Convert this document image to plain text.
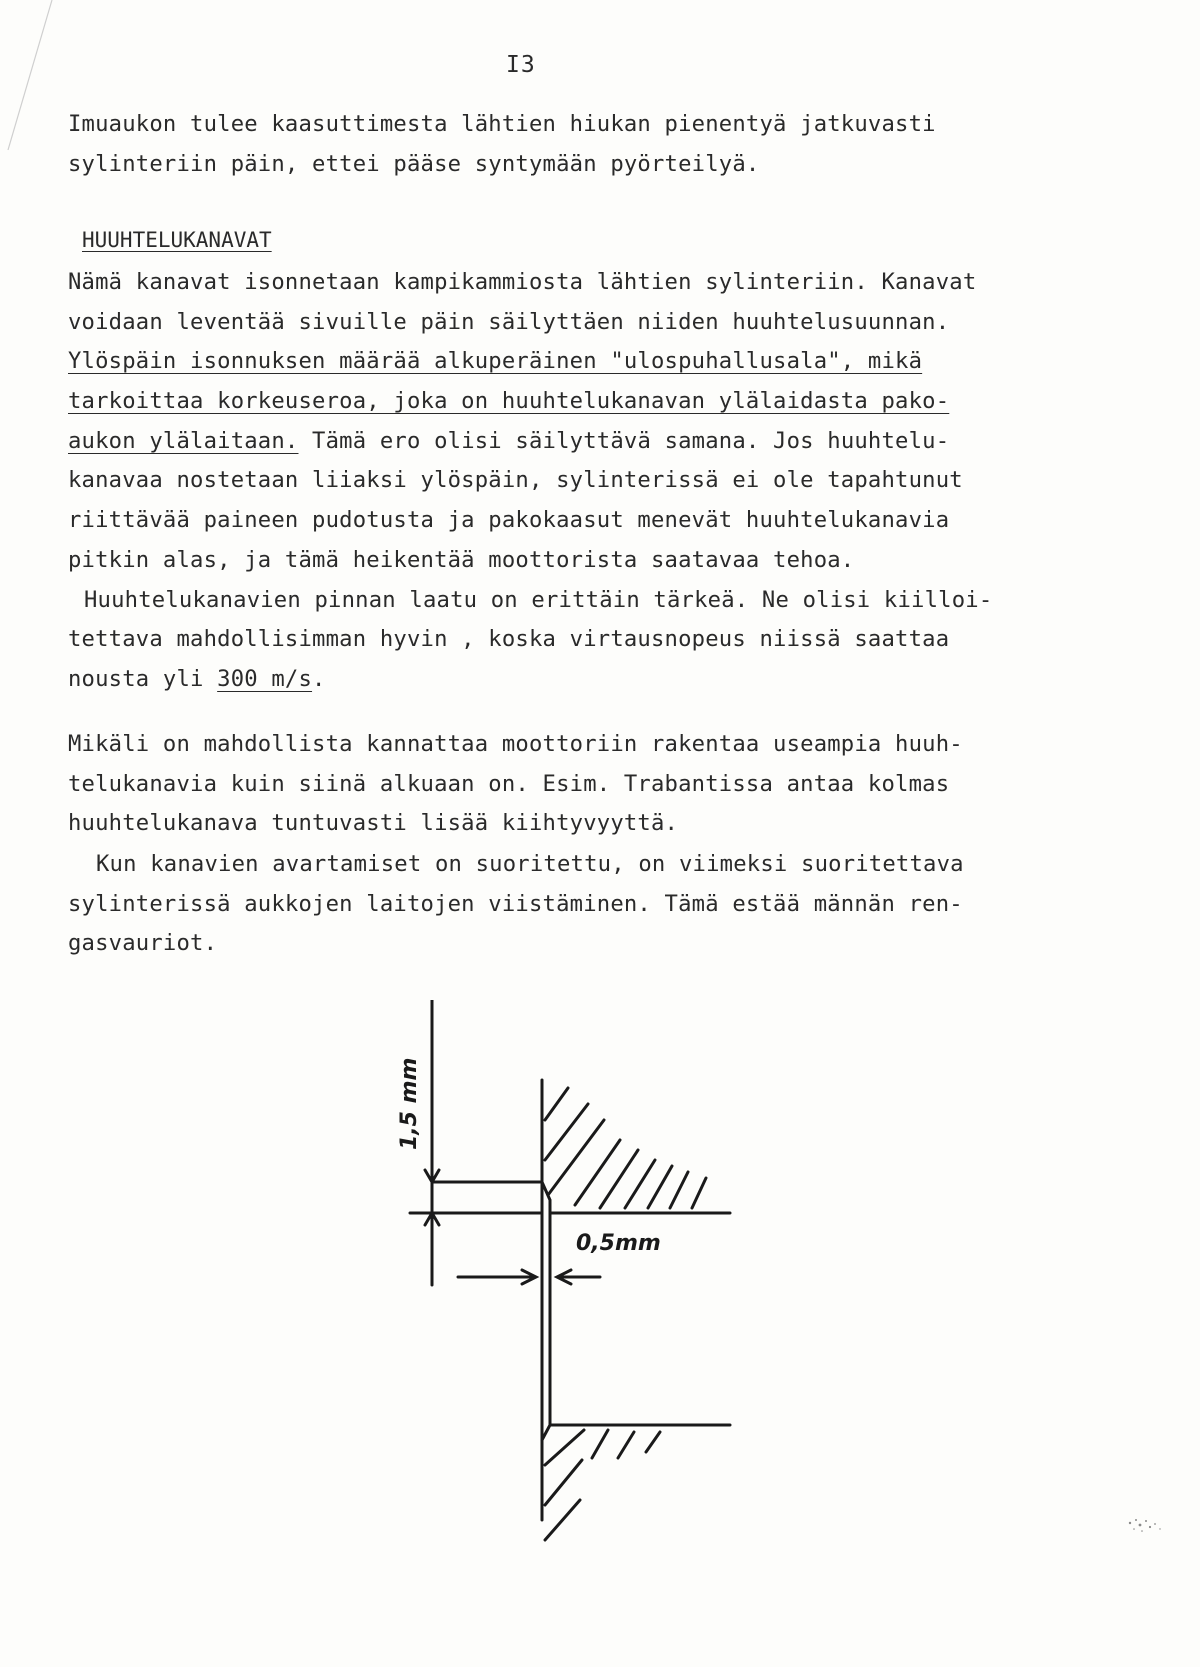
I3
Imuaukon tulee kaasuttimesta lähtien hiukan pienentyä jatkuvasti
sylinteriin päin, ettei pääse syntymään pyörteilyä.
HUUHTELUKANAVAT
Nämä kanavat isonnetaan kampikammiosta lähtien sylinteriin. Kanavat
voidaan leventää sivuille päin säilyttäen niiden huuhtelusuunnan.
Ylöspäin isonnuksen määrää alkuperäinen "ulospuhallusala", mikä
tarkoittaa korkeuseroa, joka on huuhtelukanavan ylälaidasta pako-
aukon ylälaitaan. Tämä ero olisi säilyttävä samana. Jos huuhtelu-
kanavaa nostetaan liiaksi ylöspäin, sylinterissä ei ole tapahtunut
riittävää paineen pudotusta ja pakokaasut menevät huuhtelukanavia
pitkin alas, ja tämä heikentää moottorista saatavaa tehoa.
Huuhtelukanavien pinnan laatu on erittäin tärkeä. Ne olisi kiilloi-
tettava mahdollisimman hyvin , koska virtausnopeus niissä saattaa
nousta yli 300 m/s.
Mikäli on mahdollista kannattaa moottoriin rakentaa useampia huuh-
telukanavia kuin siinä alkuaan on. Esim. Trabantissa antaa kolmas
huuhtelukanava tuntuvasti lisää kiihtyvyyttä.
Kun kanavien avartamiset on suoritettu, on viimeksi suoritettava
sylinterissä aukkojen laitojen viistäminen. Tämä estää männän ren-
gasvauriot.
1,5 mm
0,5mm
